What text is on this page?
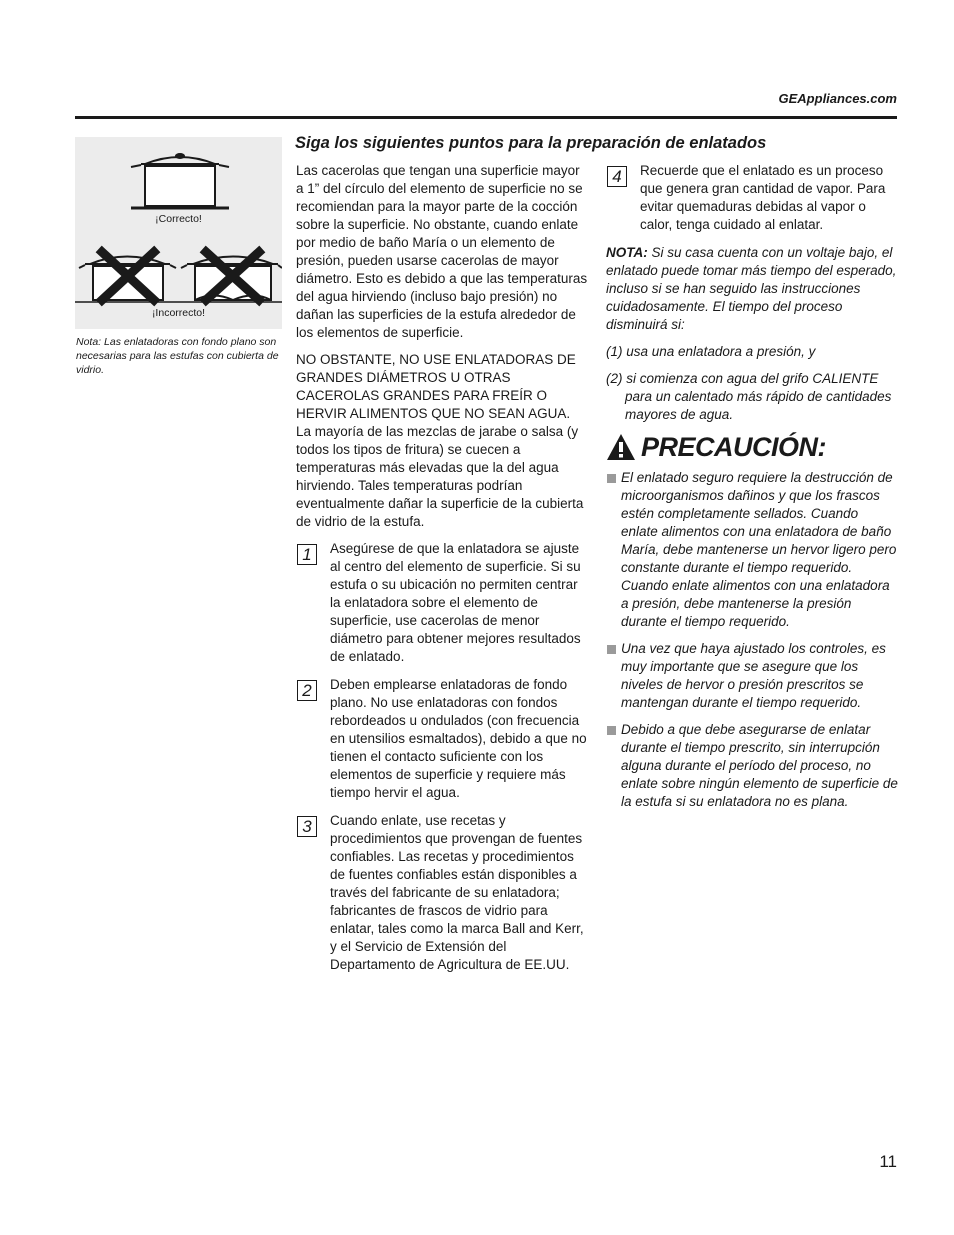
GEAppliances.com
¡Correcto!
¡Incorrecto!
Nota: Las enlatadoras con fondo plano son necesarias para las estufas con cubierta de vidrio.
Siga los siguientes puntos para la preparación de enlatados

Las cacerolas que tengan una superficie mayor a 1” del círculo del elemento de superficie no se recomiendan para la mayor parte de la cocción sobre la superficie. No obstante, cuando enlate por medio de baño María o un elemento de presión, pueden usarse cacerolas de mayor diámetro. Esto es debido a que las temperaturas del agua hirviendo (incluso bajo presión) no dañan las superficies de la estufa alrededor de los elementos de superficie.

NO OBSTANTE, NO USE ENLATADORAS DE GRANDES DIÁMETROS U OTRAS CACEROLAS GRANDES PARA FREÍR O HERVIR ALIMENTOS QUE NO SEAN AGUA. La mayoría de las mezclas de jarabe o salsa (y todos los tipos de fritura) se cuecen a temperaturas más elevadas que la del agua hirviendo. Tales temperaturas podrían eventualmente dañar la superficie de la cubierta de vidrio de la estufa.

1	Asegúrese de que la enlatadora se ajuste al centro del elemento de superficie. Si su estufa o su ubicación no permiten centrar la enlatadora sobre el elemento de superficie, use cacerolas de menor diámetro para obtener mejores resultados de enlatado.
2	Deben emplearse enlatadoras de fondo plano. No use enlatadoras con fondos rebordeados u ondulados (con frecuencia en utensilios esmaltados), debido a que no tienen el contacto suficiente con los elementos de superficie y requiere más tiempo hervir el agua.
3	Cuando enlate, use recetas y procedimientos que provengan de fuentes confiables. Las recetas y procedimientos de fuentes confiables están disponibles a través del fabricante de su enlatadora; fabricantes de frascos de vidrio para enlatar, tales como la marca Ball and Kerr, y el Servicio de Extensión del Departamento de Agricultura de EE.UU.
4	Recuerde que el enlatado es un proceso que genera gran cantidad de vapor. Para evitar quemaduras debidas al vapor o calor, tenga cuidado al enlatar.

NOTA: Si su casa cuenta con un voltaje bajo, el enlatado puede tomar más tiempo del esperado, incluso si se han seguido las instrucciones cuidadosamente. El tiempo del proceso disminuirá si:

(1) usa una enlatadora a presión, y

(2) si comienza con agua del grifo CALIENTE para un calentado más rápido de cantidades mayores de agua.

PRECAUCIÓN:
El enlatado seguro requiere la destrucción de microorganismos dañinos y que los frascos estén completamente sellados. Cuando enlate alimentos con una enlatadora de baño María, debe mantenerse un hervor ligero pero constante durante el tiempo requerido. Cuando enlate alimentos con una enlatadora a presión, debe mantenerse la presión durante el tiempo requerido.
Una vez que haya ajustado los controles, es muy importante que se asegure que los niveles de hervor o presión prescritos se mantengan durante el tiempo requerido.
Debido a que debe asegurarse de enlatar durante el tiempo prescrito, sin interrupción alguna durante el período del proceso, no enlate sobre ningún elemento de superficie de la estufa si su enlatadora no es plana.
11
